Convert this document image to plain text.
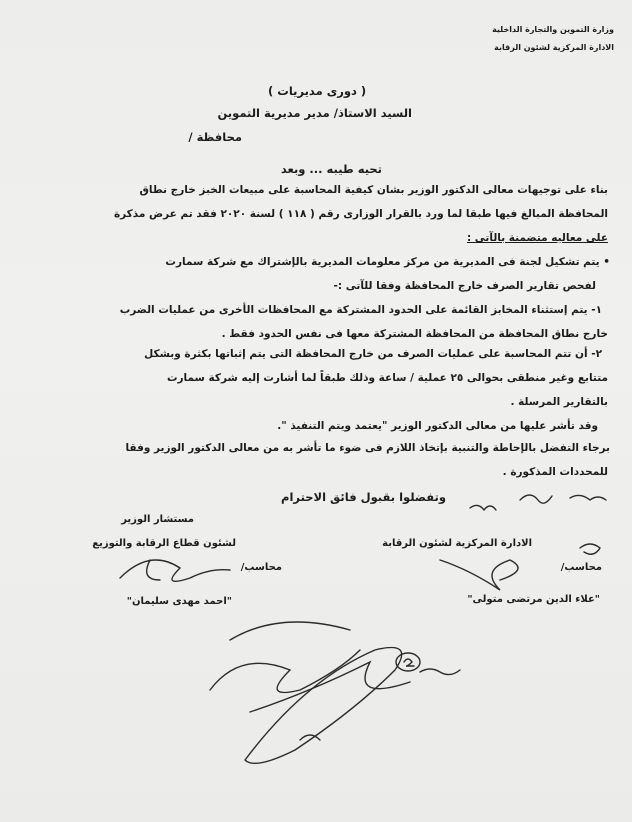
وزارة التموين والتجارة الداخلية
الادارة المركزية لشئون الرقابة
( دورى مديريات )
السيد الاستاذ/ مدير مديرية التموين
محافظة /
تحيه طيبه ... وبعد
بناء على توجيهات معالى الدكتور الوزير بشان كيفية المحاسبة على مبيعات الخبز خارج نطاق
المحافظة المبالغ فيها طبقا لما ورد بالقرار الوزارى رقم ( ١١٨ ) لسنة ٢٠٢٠ فقد تم عرض مذكرة
على معاليه متضمنة بالآتى :
• يتم تشكيل لجنة فى المديرية من مركز معلومات المديرية بالإشتراك مع شركة سمارت
لفحص تقارير الصرف خارج المحافظة وفقا للآتى :-
١- يتم إستثناء المخابز القائمة على الحدود المشتركة مع المحافظات الأخرى من عمليات الضرب
خارج نطاق المحافظة من المحافظة المشتركة معها فى نفس الحدود فقط .
٢- أن تتم المحاسبة على عمليات الصرف من خارج المحافظة التى يتم إثباتها بكثرة وبشكل
متتابع وغير منطقى بحوالى ٢٥ عملية / ساعة وذلك طبقاً لما أشارت إليه شركة سمارت
بالتقارير المرسلة .
وقد تأشر عليها من معالى الدكتور الوزير "يعتمد ويتم التنفيذ ".
برجاء التفضل بالإحاطة والتنبية بإتخاذ اللازم فى ضوء ما تأشر به من معالى الدكتور الوزير وفقا
للمحددات المذكورة .
وتفضلوا بقبول فائق الاحترام
الادارة المركزية لشئون الرقابة
محاسب/
"علاء الدين مرتضى متولى"
مستشار الوزير
لشئون قطاع الرقابة والتوزيع
محاسب/
"احمد مهدى سليمان"
